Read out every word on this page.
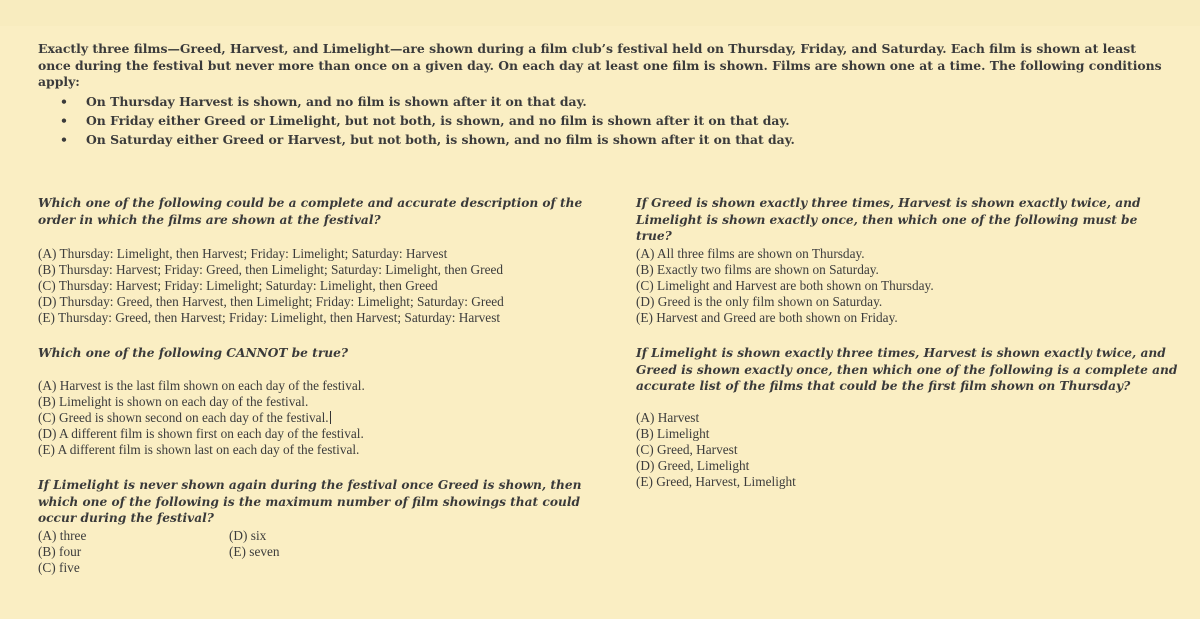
Exactly three films—Greed, Harvest, and Limelight—are shown during a film club’s festival held on Thursday, Friday, and Saturday. Each film is shown at least once during the festival but never more than once on a given day. On each day at least one film is shown. Films are shown one at a time. The following conditions apply:
• On Thursday Harvest is shown, and no film is shown after it on that day.
• On Friday either Greed or Limelight, but not both, is shown, and no film is shown after it on that day.
• On Saturday either Greed or Harvest, but not both, is shown, and no film is shown after it on that day.
Which one of the following could be a complete and accurate description of the order in which the films are shown at the festival?
(A) Thursday: Limelight, then Harvest; Friday: Limelight; Saturday: Harvest
(B) Thursday: Harvest; Friday: Greed, then Limelight; Saturday: Limelight, then Greed
(C) Thursday: Harvest; Friday: Limelight; Saturday: Limelight, then Greed
(D) Thursday: Greed, then Harvest, then Limelight; Friday: Limelight; Saturday: Greed
(E) Thursday: Greed, then Harvest; Friday: Limelight, then Harvest; Saturday: Harvest
Which one of the following CANNOT be true?
(A) Harvest is the last film shown on each day of the festival.
(B) Limelight is shown on each day of the festival.
(C) Greed is shown second on each day of the festival.
(D) A different film is shown first on each day of the festival.
(E) A different film is shown last on each day of the festival.
If Limelight is never shown again during the festival once Greed is shown, then which one of the following is the maximum number of film showings that could occur during the festival?
(A) three
(B) four
(C) five
(D) six
(E) seven
If Greed is shown exactly three times, Harvest is shown exactly twice, and Limelight is shown exactly once, then which one of the following must be true?
(A) All three films are shown on Thursday.
(B) Exactly two films are shown on Saturday.
(C) Limelight and Harvest are both shown on Thursday.
(D) Greed is the only film shown on Saturday.
(E) Harvest and Greed are both shown on Friday.
If Limelight is shown exactly three times, Harvest is shown exactly twice, and Greed is shown exactly once, then which one of the following is a complete and accurate list of the films that could be the first film shown on Thursday?
(A) Harvest
(B) Limelight
(C) Greed, Harvest
(D) Greed, Limelight
(E) Greed, Harvest, Limelight
